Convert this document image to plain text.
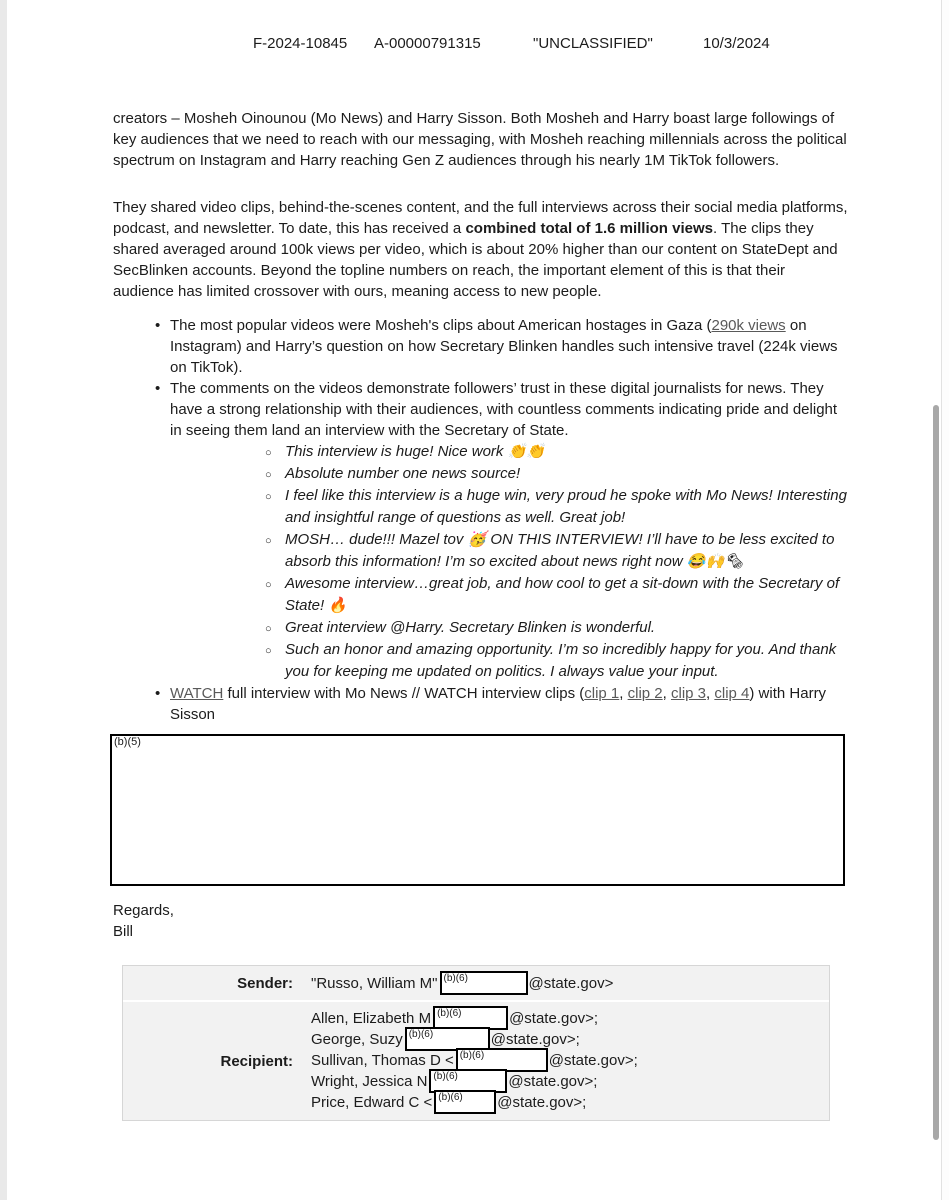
F-2024-10845 A-00000791315	"UNCLASSIFIED"	10/3/2024

creators – Mosheh Oinounou (Mo News) and Harry Sisson. Both Mosheh and Harry boast large followings of key audiences that we need to reach with our messaging, with Mosheh reaching millennials across the political spectrum on Instagram and Harry reaching Gen Z audiences through his nearly 1M TikTok followers.

They shared video clips, behind-the-scenes content, and the full interviews across their social media platforms, podcast, and newsletter. To date, this has received a combined total of 1.6 million views. The clips they shared averaged around 100k views per video, which is about 20% higher than our content on StateDept and SecBlinken accounts. Beyond the topline numbers on reach, the important element of this is that their audience has limited crossover with ours, meaning access to new people.

• The most popular videos were Mosheh's clips about American hostages in Gaza (290k views on Instagram) and Harry’s question on how Secretary Blinken handles such intensive travel (224k views on TikTok).
• The comments on the videos demonstrate followers’ trust in these digital journalists for news. They have a strong relationship with their audiences, with countless comments indicating pride and delight in seeing them land an interview with the Secretary of State.
○ This interview is huge! Nice work 👏👏
○ Absolute number one news source!
○ I feel like this interview is a huge win, very proud he spoke with Mo News! Interesting and insightful range of questions as well. Great job!
○ MOSH… dude!!! Mazel tov 🥳 ON THIS INTERVIEW! I’ll have to be less excited to absorb this information! I’m so excited about news right now 😂🙌🗞
○ Awesome interview…great job, and how cool to get a sit-down with the Secretary of State! 🔥
○ Great interview @Harry. Secretary Blinken is wonderful.
○ Such an honor and amazing opportunity. I’m so incredibly happy for you. And thank you for keeping me updated on politics. I always value your input.
• WATCH full interview with Mo News // WATCH interview clips (clip 1, clip 2, clip 3, clip 4) with Harry Sisson
(b)(5)
Regards,
Bill
Sender:	"Russo, William M" (b)(6)	@state.gov>
Recipient:
Allen, Elizabeth M (b)(6)	@state.gov>;
George, Suzy (b)(6)	@state.gov>;
Sullivan, Thomas D < (b)(6)	@state.gov>;
Wright, Jessica N (b)(6)	@state.gov>;
Price, Edward C < (b)(6) @state.gov>;
